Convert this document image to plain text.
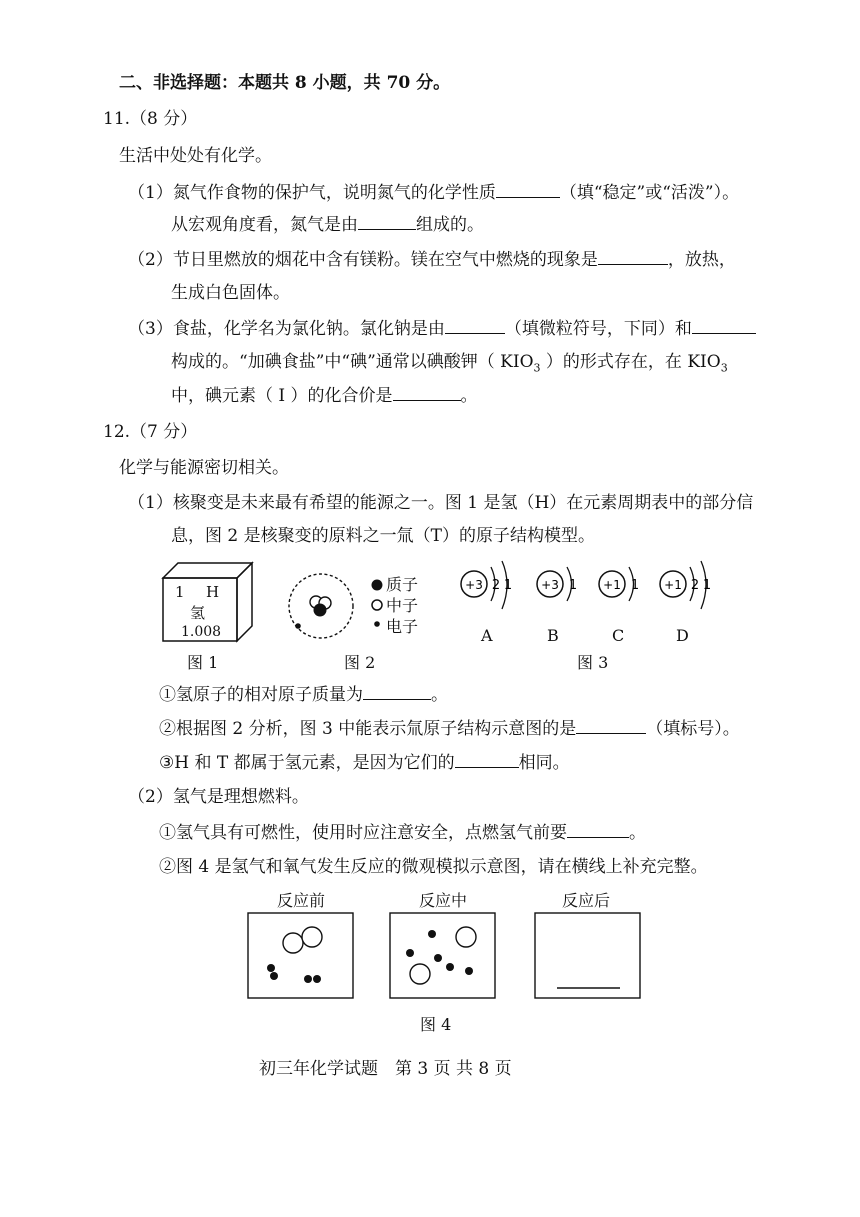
二、非选择题：本题共 8 小题，共 70 分。
11.（8 分）
生活中处处有化学。
（1）氮气作食物的保护气，说明氮气的化学性质	（填“稳定”或“活泼”）。
从宏观角度看，氮气是由	组成的。
（2）节日里燃放的烟花中含有镁粉。镁在空气中燃烧的现象是	，放热，
生成白色固体。
（3）食盐，化学名为氯化钠。氯化钠是由	（填微粒符号，下同）和
构成的。“加碘食盐”中“碘”通常以碘酸钾（ $KIO_3$ ）的形式存在，在 $KIO_3$
中，碘元素（ I ）的化合价是	。
12.（7 分）
化学与能源密切相关。
（1）核聚变是未来最有希望的能源之一。图 1 是氢（H）在元素周期表中的部分信
息，图 2 是核聚变的原料之一氚（T）的原子结构模型。
1 H
氢
1.008
图 1
质子
中子
电子
图 2
+3 2 1 +3 1 +1 1 +1 2 1
A	B	C	D
图 3
①氢原子的相对原子质量为	。
②根据图 2 分析，图 3 中能表示氚原子结构示意图的是	（填标号）。
③H 和 T 都属于氢元素，是因为它们的	相同。
（2）氢气是理想燃料。
①氢气具有可燃性，使用时应注意安全，点燃氢气前要	。
②图 4 是氢气和氧气发生反应的微观模拟示意图，请在横线上补充完整。
反应前	反应中	反应后
图 4
初三年化学试题　第 3 页 共 8 页
